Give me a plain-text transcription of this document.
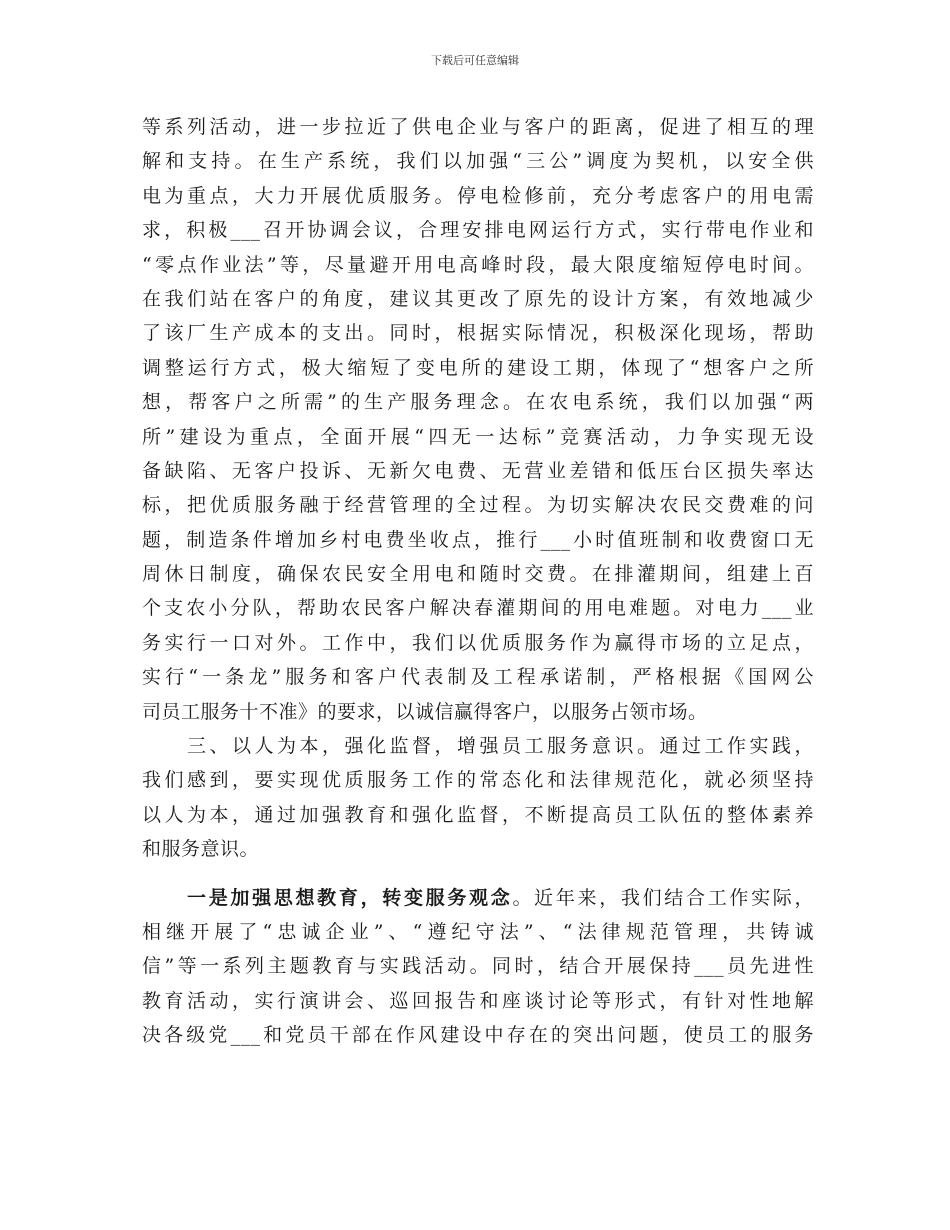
下载后可任意编辑
等系列活动，进一步拉近了供电企业与客户的距离，促进了相互的理
解和支持。在生产系统，我们以加强“三公”调度为契机，以安全供
电为重点，大力开展优质服务。停电检修前，充分考虑客户的用电需
求，积极___召开协调会议，合理安排电网运行方式，实行带电作业和
“零点作业法”等，尽量避开用电高峰时段，最大限度缩短停电时间。
在我们站在客户的角度，建议其更改了原先的设计方案，有效地减少
了该厂生产成本的支出。同时，根据实际情况，积极深化现场，帮助
调整运行方式，极大缩短了变电所的建设工期，体现了“想客户之所
想，帮客户之所需”的生产服务理念。在农电系统，我们以加强“两
所”建设为重点，全面开展“四无一达标”竞赛活动，力争实现无设
备缺陷、无客户投诉、无新欠电费、无营业差错和低压台区损失率达
标，把优质服务融于经营管理的全过程。为切实解决农民交费难的问
题，制造条件增加乡村电费坐收点，推行___小时值班制和收费窗口无
周休日制度，确保农民安全用电和随时交费。在排灌期间，组建上百
个支农小分队，帮助农民客户解决春灌期间的用电难题。对电力___业
务实行一口对外。工作中，我们以优质服务作为赢得市场的立足点，
实行“一条龙”服务和客户代表制及工程承诺制，严格根据《国网公
司员工服务十不准》的要求，以诚信赢得客户，以服务占领市场。
三、以人为本，强化监督，增强员工服务意识。通过工作实践，
我们感到，要实现优质服务工作的常态化和法律规范化，就必须坚持
以人为本，通过加强教育和强化监督，不断提高员工队伍的整体素养
和服务意识。
一是加强思想教育，转变服务观念。近年来，我们结合工作实际，
相继开展了“忠诚企业”、“遵纪守法”、“法律规范管理，共铸诚
信”等一系列主题教育与实践活动。同时，结合开展保持___员先进性
教育活动，实行演讲会、巡回报告和座谈讨论等形式，有针对性地解
决各级党___和党员干部在作风建设中存在的突出问题，使员工的服务
